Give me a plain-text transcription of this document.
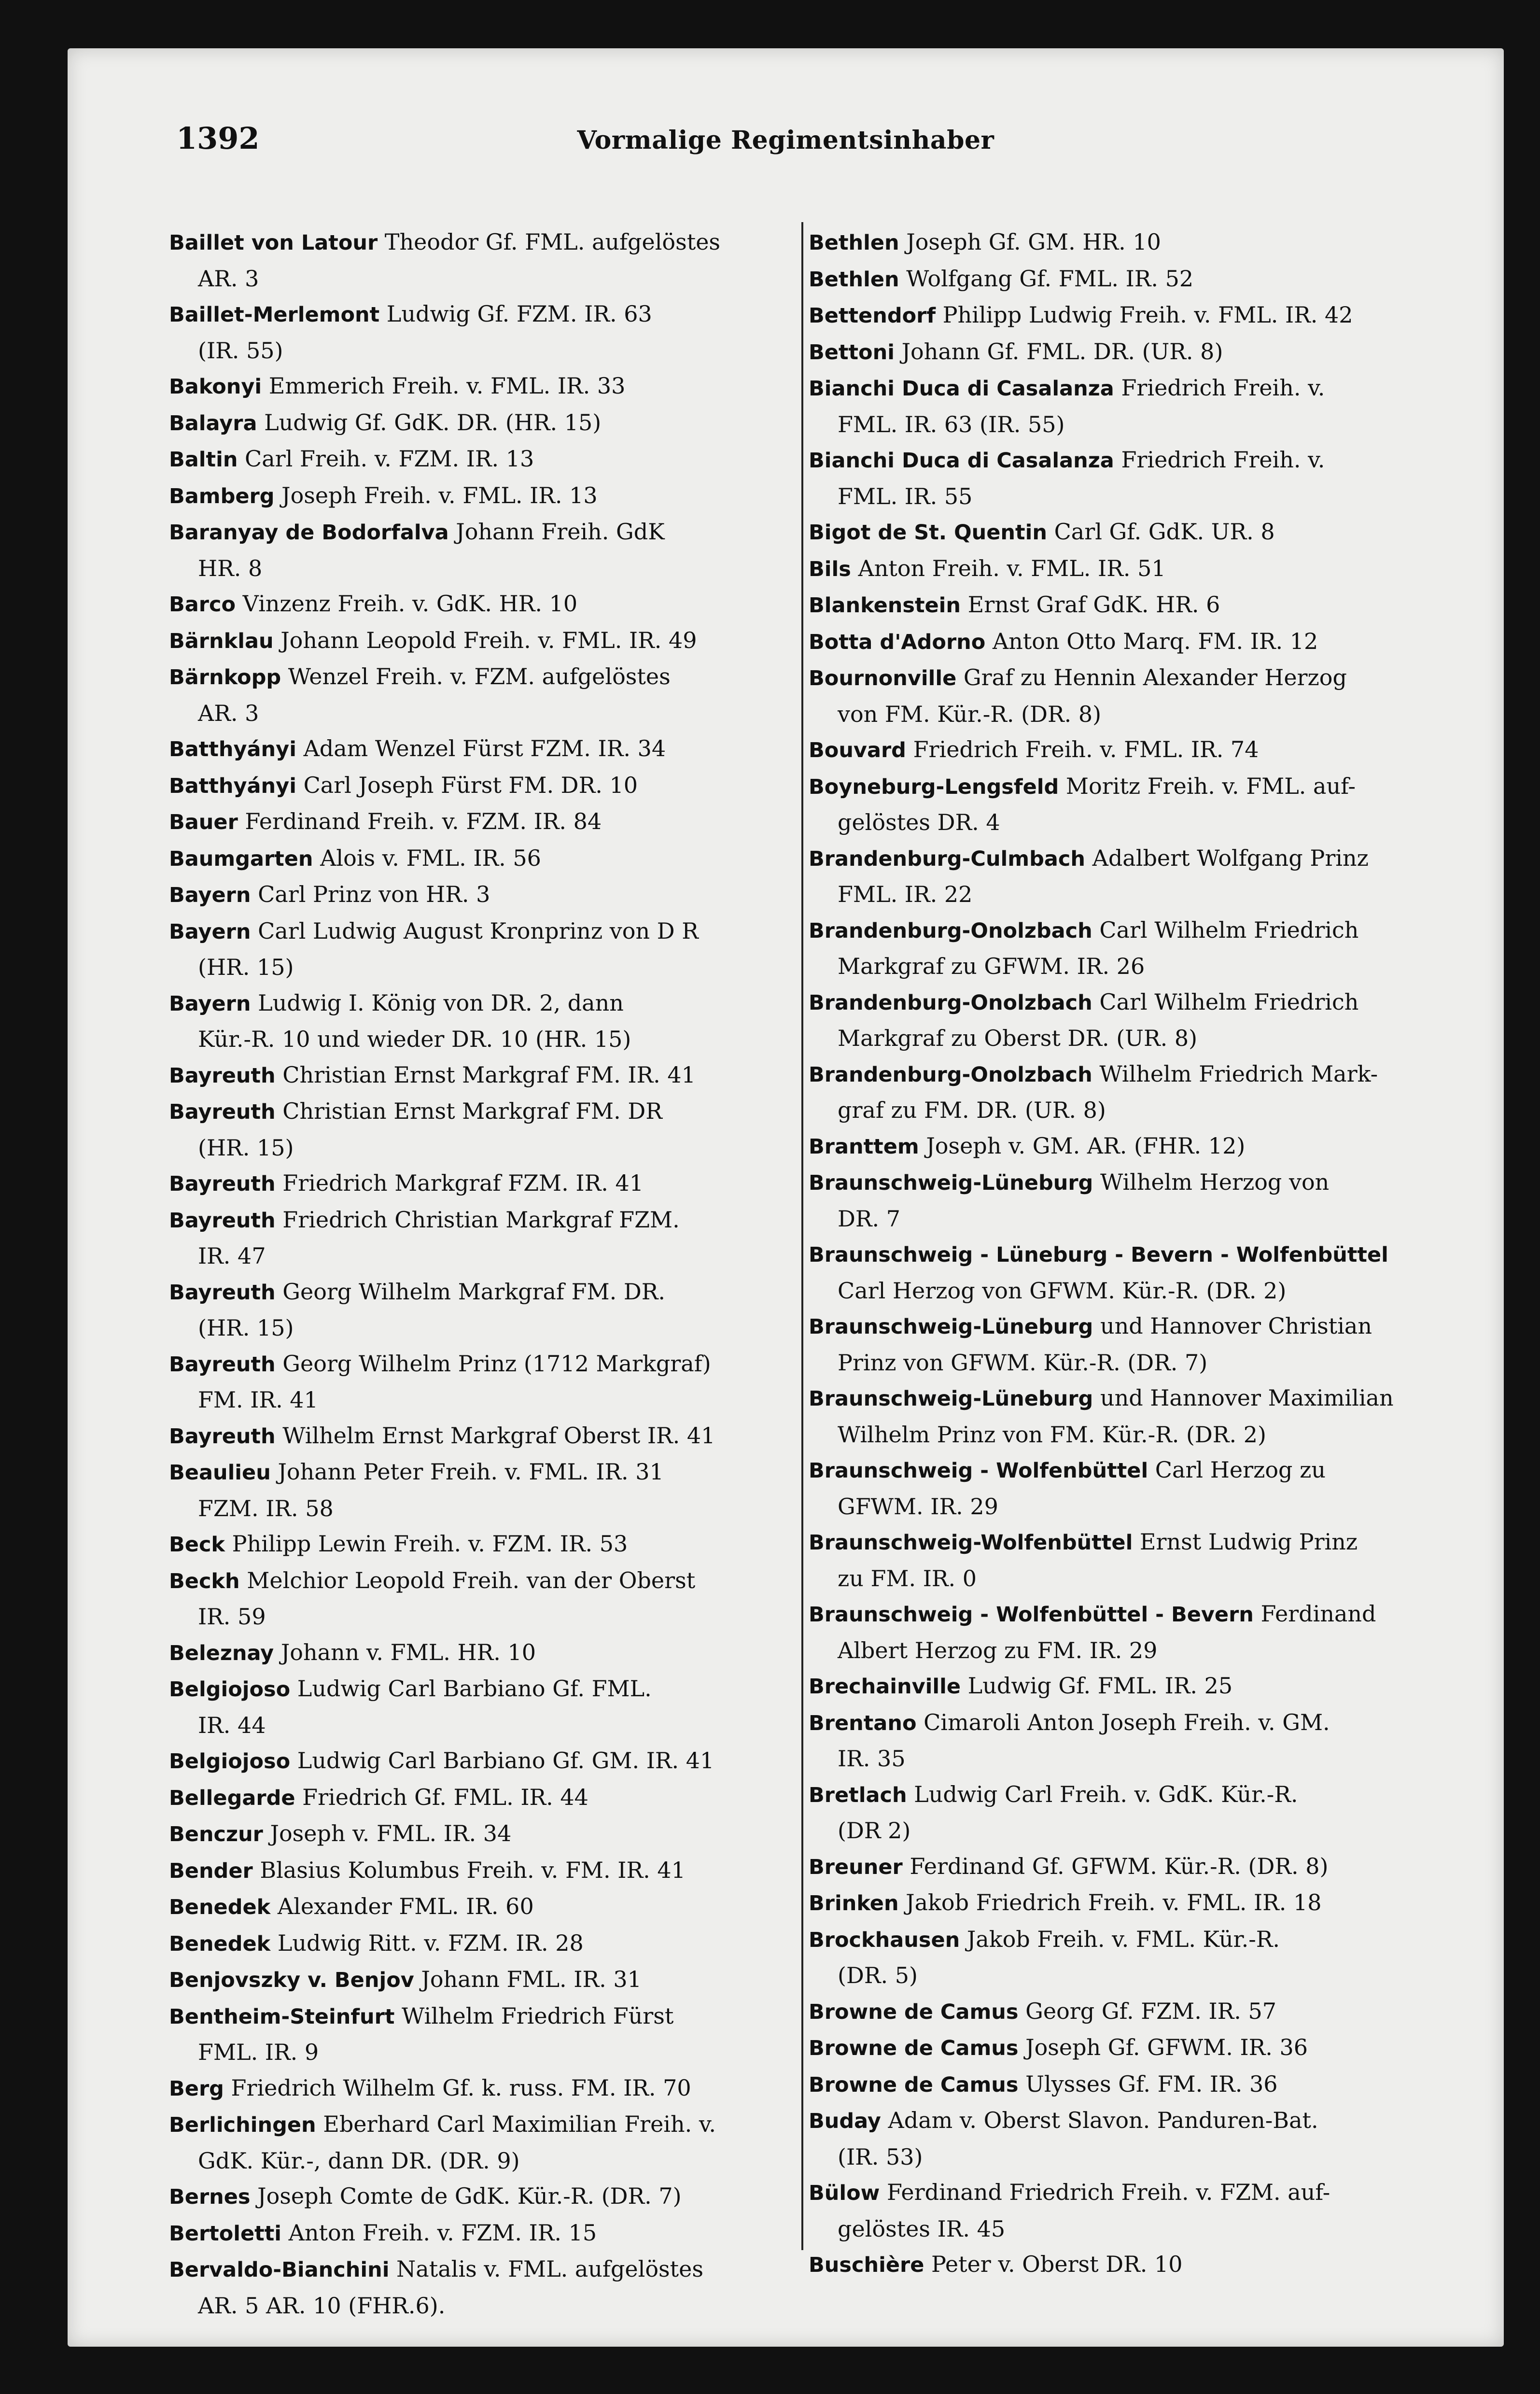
1392	Vormalige Regimentsinhaber
Baillet von Latour Theodor Gf. FML. aufgelöstes
AR. 3
Baillet-Merlemont Ludwig Gf. FZM. IR. 63
(IR. 55)
Bakonyi Emmerich Freih. v. FML. IR. 33
Balayra Ludwig Gf. GdK. DR. (HR. 15)
Baltin Carl Freih. v. FZM. IR. 13
Bamberg Joseph Freih. v. FML. IR. 13
Baranyay de Bodorfalva Johann Freih. GdK
HR. 8
Barco Vinzenz Freih. v. GdK. HR. 10
Bärnklau Johann Leopold Freih. v. FML. IR. 49
Bärnkopp Wenzel Freih. v. FZM. aufgelöstes
AR. 3
Batthyányi Adam Wenzel Fürst FZM. IR. 34
Batthyányi Carl Joseph Fürst FM. DR. 10
Bauer Ferdinand Freih. v. FZM. IR. 84
Baumgarten Alois v. FML. IR. 56
Bayern Carl Prinz von HR. 3
Bayern Carl Ludwig August Kronprinz von D R
(HR. 15)
Bayern Ludwig I. König von DR. 2, dann
Kür.-R. 10 und wieder DR. 10 (HR. 15)
Bayreuth Christian Ernst Markgraf FM. IR. 41
Bayreuth Christian Ernst Markgraf FM. DR
(HR. 15)
Bayreuth Friedrich Markgraf FZM. IR. 41
Bayreuth Friedrich Christian Markgraf FZM.
IR. 47
Bayreuth Georg Wilhelm Markgraf FM. DR.
(HR. 15)
Bayreuth Georg Wilhelm Prinz (1712 Markgraf)
FM. IR. 41
Bayreuth Wilhelm Ernst Markgraf Oberst IR. 41
Beaulieu Johann Peter Freih. v. FML. IR. 31
FZM. IR. 58
Beck Philipp Lewin Freih. v. FZM. IR. 53
Beckh Melchior Leopold Freih. van der Oberst
IR. 59
Beleznay Johann v. FML. HR. 10
Belgiojoso Ludwig Carl Barbiano Gf. FML.
IR. 44
Belgiojoso Ludwig Carl Barbiano Gf. GM. IR. 41
Bellegarde Friedrich Gf. FML. IR. 44
Benczur Joseph v. FML. IR. 34
Bender Blasius Kolumbus Freih. v. FM. IR. 41
Benedek Alexander FML. IR. 60
Benedek Ludwig Ritt. v. FZM. IR. 28
Benjovszky v. Benjov Johann FML. IR. 31
Bentheim-Steinfurt Wilhelm Friedrich Fürst
FML. IR. 9
Berg Friedrich Wilhelm Gf. k. russ. FM. IR. 70
Berlichingen Eberhard Carl Maximilian Freih. v.
GdK. Kür.-, dann DR. (DR. 9)
Bernes Joseph Comte de GdK. Kür.-R. (DR. 7)
Bertoletti Anton Freih. v. FZM. IR. 15
Bervaldo-Bianchini Natalis v. FML. aufgelöstes
AR. 5 AR. 10 (FHR.6).
Bethlen Joseph Gf. GM. HR. 10
Bethlen Wolfgang Gf. FML. IR. 52
Bettendorf Philipp Ludwig Freih. v. FML. IR. 42
Bettoni Johann Gf. FML. DR. (UR. 8)
Bianchi Duca di Casalanza Friedrich Freih. v.
FML. IR. 63 (IR. 55)
Bianchi Duca di Casalanza Friedrich Freih. v.
FML. IR. 55
Bigot de St. Quentin Carl Gf. GdK. UR. 8
Bils Anton Freih. v. FML. IR. 51
Blankenstein Ernst Graf GdK. HR. 6
Botta d'Adorno Anton Otto Marq. FM. IR. 12
Bournonville Graf zu Hennin Alexander Herzog
von FM. Kür.-R. (DR. 8)
Bouvard Friedrich Freih. v. FML. IR. 74
Boyneburg-Lengsfeld Moritz Freih. v. FML. auf-
gelöstes DR. 4
Brandenburg-Culmbach Adalbert Wolfgang Prinz
FML. IR. 22
Brandenburg-Onolzbach Carl Wilhelm Friedrich
Markgraf zu GFWM. IR. 26
Brandenburg-Onolzbach Carl Wilhelm Friedrich
Markgraf zu Oberst DR. (UR. 8)
Brandenburg-Onolzbach Wilhelm Friedrich Mark-
graf zu FM. DR. (UR. 8)
Branttem Joseph v. GM. AR. (FHR. 12)
Braunschweig-Lüneburg Wilhelm Herzog von
DR. 7
Braunschweig - Lüneburg - Bevern - Wolfenbüttel
Carl Herzog von GFWM. Kür.-R. (DR. 2)
Braunschweig-Lüneburg und Hannover Christian
Prinz von GFWM. Kür.-R. (DR. 7)
Braunschweig-Lüneburg und Hannover Maximilian
Wilhelm Prinz von FM. Kür.-R. (DR. 2)
Braunschweig - Wolfenbüttel Carl Herzog zu
GFWM. IR. 29
Braunschweig-Wolfenbüttel Ernst Ludwig Prinz
zu FM. IR. 0
Braunschweig - Wolfenbüttel - Bevern Ferdinand
Albert Herzog zu FM. IR. 29
Brechainville Ludwig Gf. FML. IR. 25
Brentano Cimaroli Anton Joseph Freih. v. GM.
IR. 35
Bretlach Ludwig Carl Freih. v. GdK. Kür.-R.
(DR 2)
Breuner Ferdinand Gf. GFWM. Kür.-R. (DR. 8)
Brinken Jakob Friedrich Freih. v. FML. IR. 18
Brockhausen Jakob Freih. v. FML. Kür.-R.
(DR. 5)
Browne de Camus Georg Gf. FZM. IR. 57
Browne de Camus Joseph Gf. GFWM. IR. 36
Browne de Camus Ulysses Gf. FM. IR. 36
Buday Adam v. Oberst Slavon. Panduren-Bat.
(IR. 53)
Bülow Ferdinand Friedrich Freih. v. FZM. auf-
gelöstes IR. 45
Buschière Peter v. Oberst DR. 10
